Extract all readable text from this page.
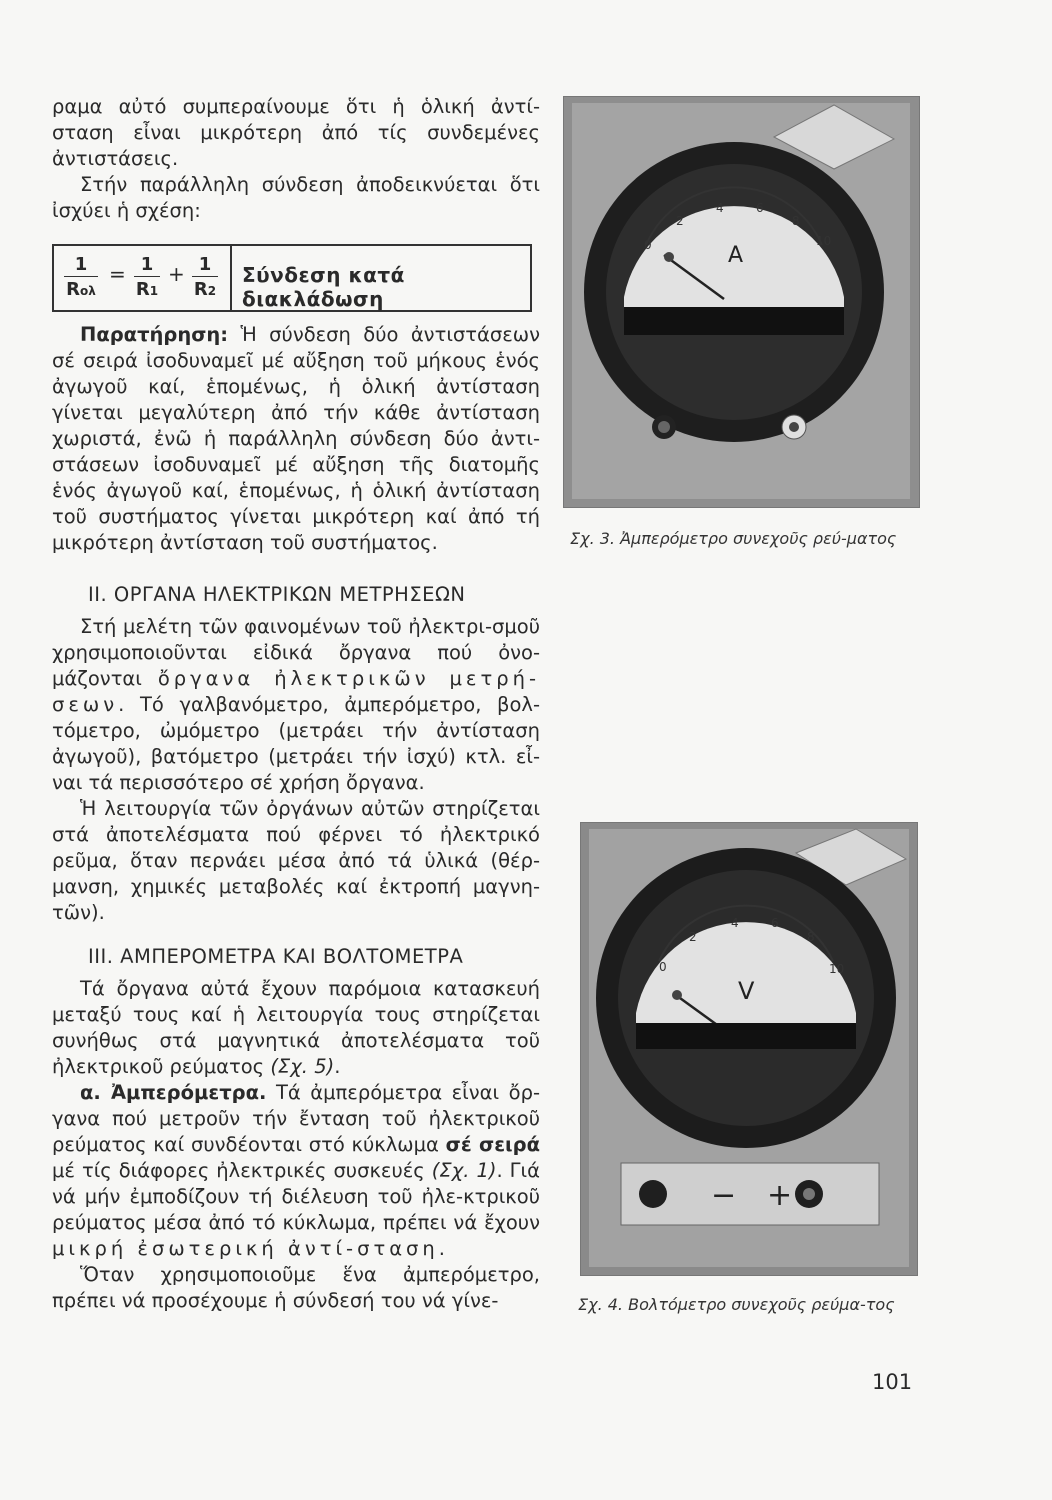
ραμα αὐτό συμπεραίνουμε ὅτι ἡ ὁλική ἀντί-σταση εἶναι μικρότερη ἀπό τίς συνδεμένες ἀντιστάσεις.

Στήν παράλληλη σύνδεση ἀποδεικνύεται ὅτι ἰσχύει ἡ σχέση:

1
Rολ
= $\frac{1}{R1} + \frac{1}{R2}$ Σύνδεση κατά διακλάδωση

Παρατήρηση: Ἡ σύνδεση δύο ἀντιστάσεων σέ σειρά ἰσοδυναμεῖ μέ αὔξηση τοῦ μήκους ἑνός ἀγωγοῦ καί, ἑπομένως, ἡ ὁλική ἀντίσταση γίνεται μεγαλύτερη ἀπό τήν κάθε ἀντίσταση χωριστά, ἐνῶ ἡ παράλληλη σύνδεση δύο ἀντι-στάσεων ἰσοδυναμεῖ μέ αὔξηση τῆς διατομῆς ἑνός ἀγωγοῦ καί, ἑπομένως, ἡ ὁλική ἀντίσταση τοῦ συστήματος γίνεται μικρότερη καί ἀπό τή μικρότερη ἀντίσταση τοῦ συστήματος.

II. ΟΡΓΑΝΑ ΗΛΕΚΤΡΙΚΩΝ ΜΕΤΡΗΣΕΩΝ

Στή μελέτη τῶν φαινομένων τοῦ ἠλεκτρι-σμοῦ χρησιμοποιοῦνται εἰδικά ὄργανα πού ὀνο-μάζονται ὄργανα ἠλεκτρικῶν μετρή-σεων. Τό γαλβανόμετρο, ἀμπερόμετρο, βολ-τόμετρο, ὠμόμετρο (μετράει τήν ἀντίσταση ἀγωγοῦ), βατόμετρο (μετράει τήν ἰσχύ) κτλ. εἶ-ναι τά περισσότερο σέ χρήση ὄργανα.

Ἡ λειτουργία τῶν ὀργάνων αὐτῶν στηρίζεται στά ἀποτελέσματα πού φέρνει τό ἠλεκτρικό ρεῦμα, ὅταν περνάει μέσα ἀπό τά ὑλικά (θέρ-μανση, χημικές μεταβολές καί ἐκτροπή μαγνη-τῶν).

III. ΑΜΠΕΡΟΜΕΤΡΑ ΚΑΙ ΒΟΛΤΟΜΕΤΡΑ

Τά ὄργανα αὐτά ἔχουν παρόμοια κατασκευή μεταξύ τους καί ἡ λειτουργία τους στηρίζεται συνήθως στά μαγνητικά ἀποτελέσματα τοῦ ἠλεκτρικοῦ ρεύματος (Σχ. 5).

α. Ἀμπερόμετρα. Τά ἀμπερόμετρα εἶναι ὄρ-γανα πού μετροῦν τήν ἔνταση τοῦ ἠλεκτρικοῦ ρεύματος καί συνδέονται στό κύκλωμα σέ σειρά μέ τίς διάφορες ἠλεκτρικές συσκευές (Σχ. 1). Γιά νά μήν ἐμποδίζουν τή διέλευση τοῦ ἠλε-κτρικοῦ ρεύματος μέσα ἀπό τό κύκλωμα, πρέπει νά ἔχουν μικρή ἐσωτερική ἀντί-σταση.

Ὅταν χρησιμοποιοῦμε ἕνα ἀμπερόμετρο, πρέπει νά προσέχουμε ἡ σύνδεσή του νά γίνε-

0
2
4	6
8
10
A
Σχ. 3. Ἀμπερόμετρο συνεχοῦς ρεύ-ματος
0
2
4	6
8
10
V
− +
Σχ. 4. Βολτόμετρο συνεχοῦς ρεύμα-τος
101
